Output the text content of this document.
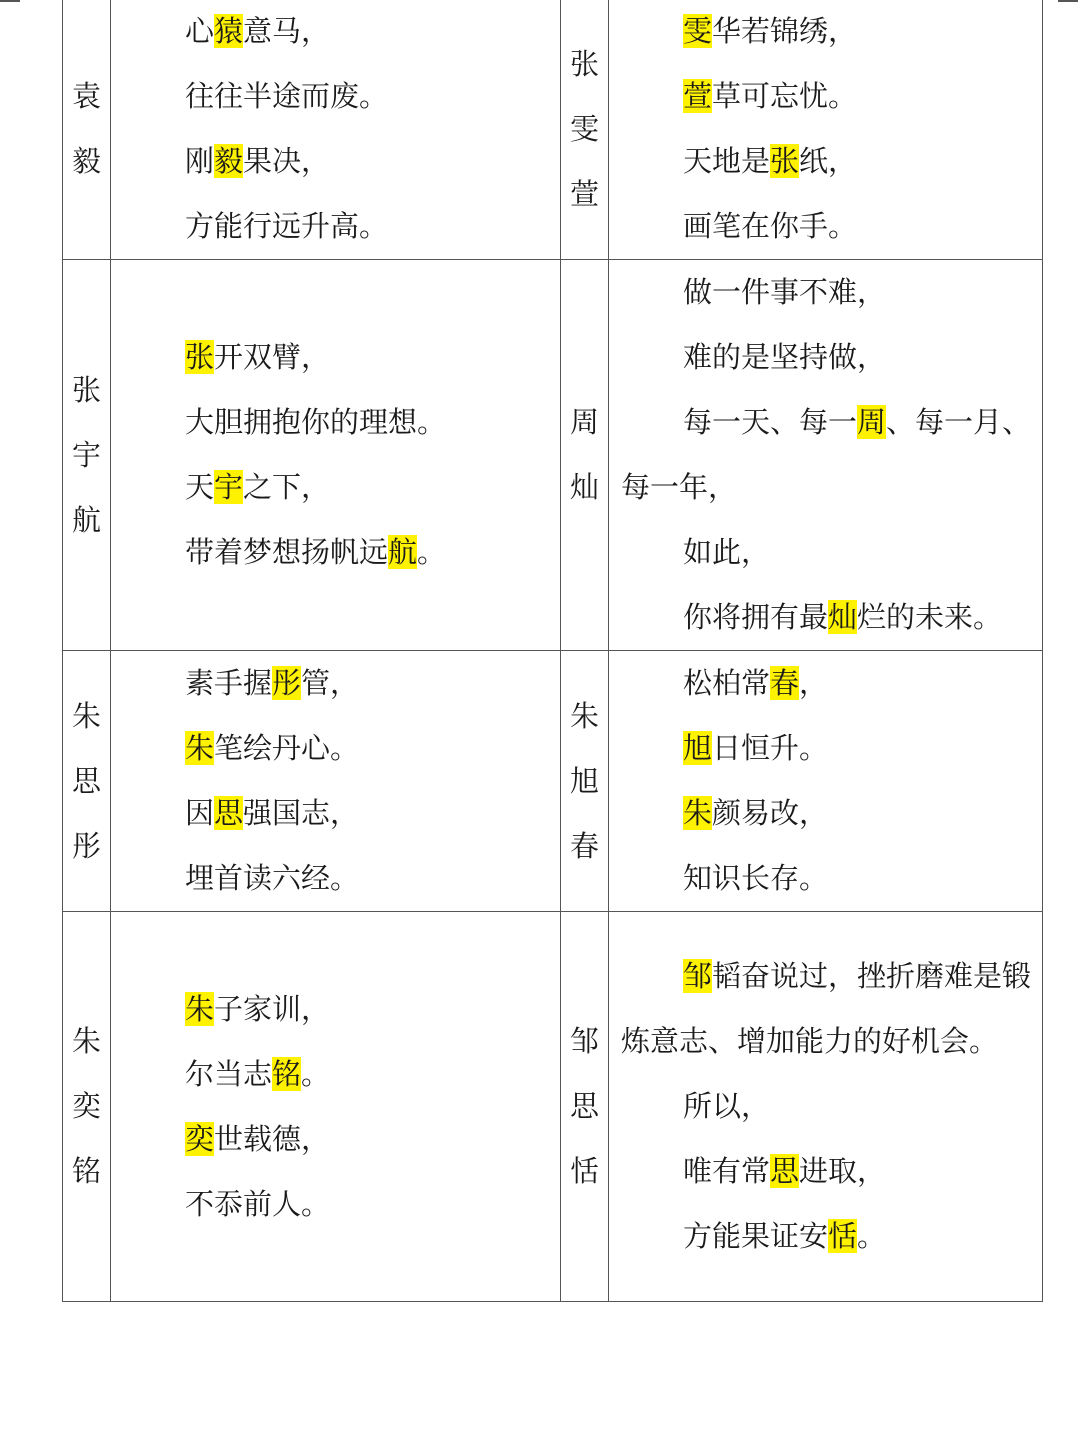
袁
毅	心猿意马，
往往半途而废。
刚毅果决，
方能行远升高。	张
雯
萱	雯华若锦绣，
萱草可忘忧。
天地是张纸，
画笔在你手。

张
宇
航	张开双臂，
大胆拥抱你的理想。
天宇之下，
带着梦想扬帆远航。	周
灿	做一件事不难，
难的是坚持做，
每一天、每一周、每一月、每一年，
如此，
你将拥有最灿烂的未来。

朱
思
彤	素手握彤管，
朱笔绘丹心。
因思强国志，
埋首读六经。	朱
旭
春	松柏常春，
旭日恒升。
朱颜易改，
知识长存。

朱
奕
铭	朱子家训，
尔当志铭。
奕世载德，
不忝前人。	邹
思
恬	邹韬奋说过，挫折磨难是锻炼意志、增加能力的好机会。
所以，
唯有常思进取，
方能果证安恬。
